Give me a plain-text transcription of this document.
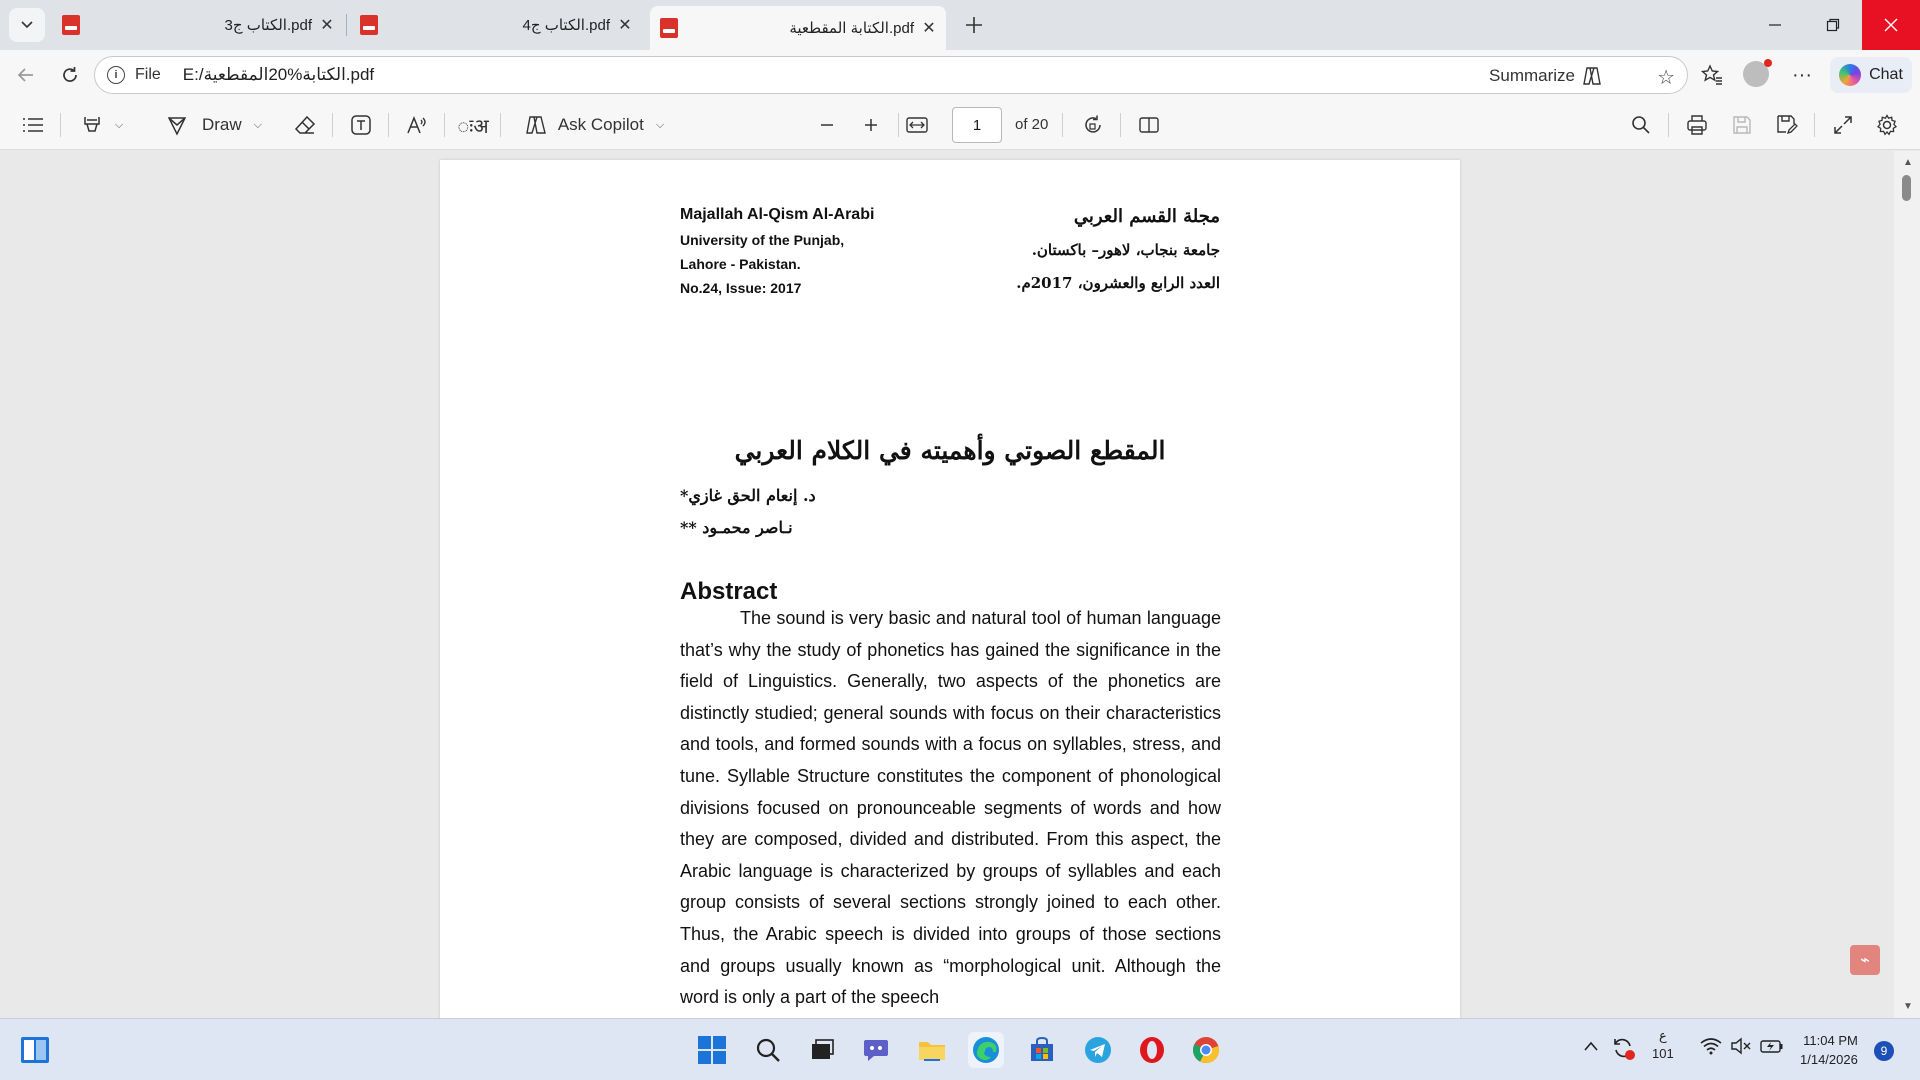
الكتاب ج3.pdf ✕	الكتاب ج4.pdf ✕	الكتابة المقطعية.pdf ✕
i	File E:/الكتابة%20المقطعية.pdf	Summarize	☆	···	Chat
⌵	Draw ⌵	ः‍अ	Ask Copilot ⌵	1 of 20
Majallah Al-Qism Al-Arabi
University of the Punjab,
Lahore - Pakistan.
No.24, Issue: 2017
مجلة القسم العربي
جامعة بنجاب، لاهور– باكستان.
العدد الرابع والعشرون، 2017م.
المقطع الصوتي وأهميته في الكلام العربي
د. إنعام الحق غازي*
نـاصر محمـود **
Abstract
The sound is very basic and natural tool of human language that’s why the study of phonetics has gained the significance in the field of Linguistics. Generally, two aspects of the phonetics are distinctly studied; general sounds with focus on their characteristics and tools, and formed sounds with a focus on syllables, stress, and tune. Syllable Structure constitutes the component of phonological divisions focused on pronounceable segments of words and how they are composed, divided and distributed. From this aspect, the Arabic language is characterized by groups of syllables and each group consists of several sections strongly joined to each other. Thus, the Arabic speech is divided into groups of those sections and groups usually known as “morphological unit. Although the word is only a part of the speech
⌁
▲
▼
ع
101
11:04 PM
1/14/2026
9
